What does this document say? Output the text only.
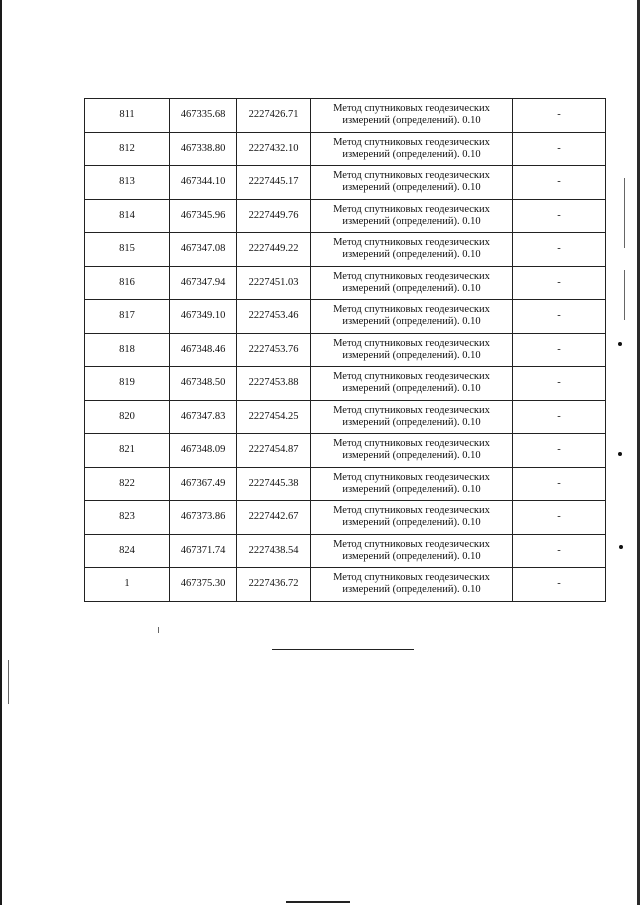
811	467335.68	2227426.71	Метод спутниковых геодезических
измерений (определений). 0.10	-
812	467338.80	2227432.10	Метод спутниковых геодезических
измерений (определений). 0.10	-
813	467344.10	2227445.17	Метод спутниковых геодезических
измерений (определений). 0.10	-
814	467345.96	2227449.76	Метод спутниковых геодезических
измерений (определений). 0.10	-
815	467347.08	2227449.22	Метод спутниковых геодезических
измерений (определений). 0.10	-
816	467347.94	2227451.03	Метод спутниковых геодезических
измерений (определений). 0.10	-
817	467349.10	2227453.46	Метод спутниковых геодезических
измерений (определений). 0.10	-
818	467348.46	2227453.76	Метод спутниковых геодезических
измерений (определений). 0.10	-
819	467348.50	2227453.88	Метод спутниковых геодезических
измерений (определений). 0.10	-
820	467347.83	2227454.25	Метод спутниковых геодезических
измерений (определений). 0.10	-
821	467348.09	2227454.87	Метод спутниковых геодезических
измерений (определений). 0.10	-
822	467367.49	2227445.38	Метод спутниковых геодезических
измерений (определений). 0.10	-
823	467373.86	2227442.67	Метод спутниковых геодезических
измерений (определений). 0.10	-
824	467371.74	2227438.54	Метод спутниковых геодезических
измерений (определений). 0.10	-
1	467375.30	2227436.72	Метод спутниковых геодезических
измерений (определений). 0.10	-
